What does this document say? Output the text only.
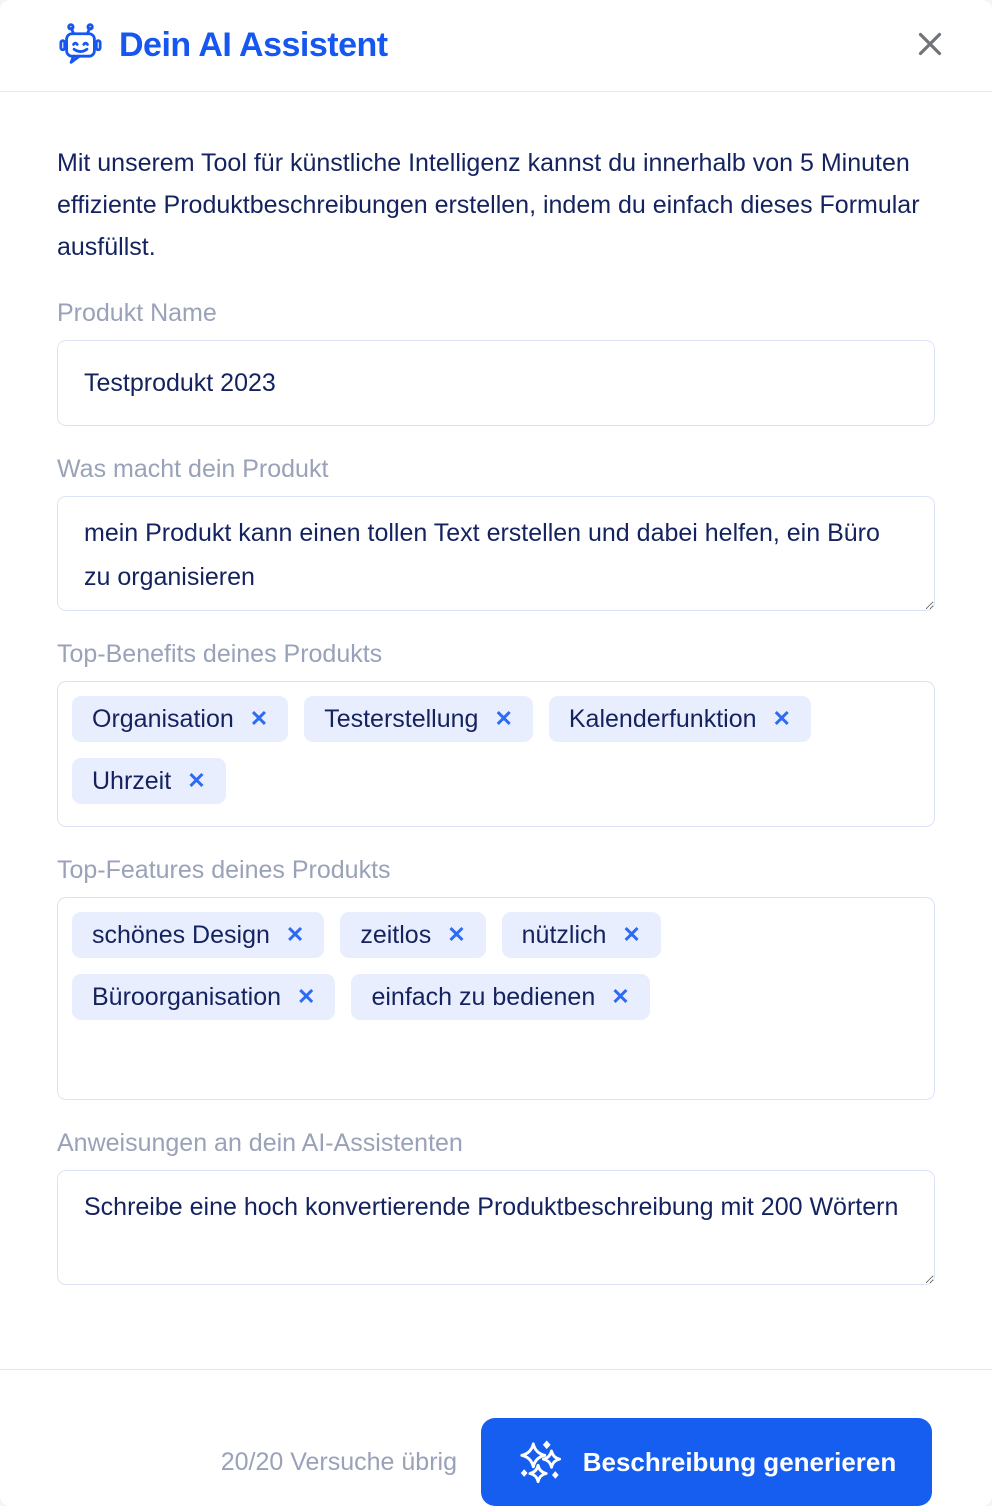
Dein AI Assistent

Mit unserem Tool für künstliche Intelligenz kannst du innerhalb von 5 Minuten effiziente Produktbeschreibungen erstellen, indem du einfach dieses Formular ausfüllst.

Produkt Name
Testprodukt 2023
Was macht dein Produkt
mein Produkt kann einen tollen Text erstellen und dabei helfen, ein Büro zu organisieren
Top-Benefits deines Produkts
Organisation ✕ Testerstellung ✕ Kalenderfunktion ✕
Uhrzeit ✕
Top-Features deines Produkts
schönes Design ✕ zeitlos ✕ nützlich ✕
Büroorganisation ✕ einfach zu bedienen ✕
Anweisungen an dein AI-Assistenten
Schreibe eine hoch konvertierende Produktbeschreibung mit 200 Wörtern
20/20 Versuche übrig	Beschreibung generieren
